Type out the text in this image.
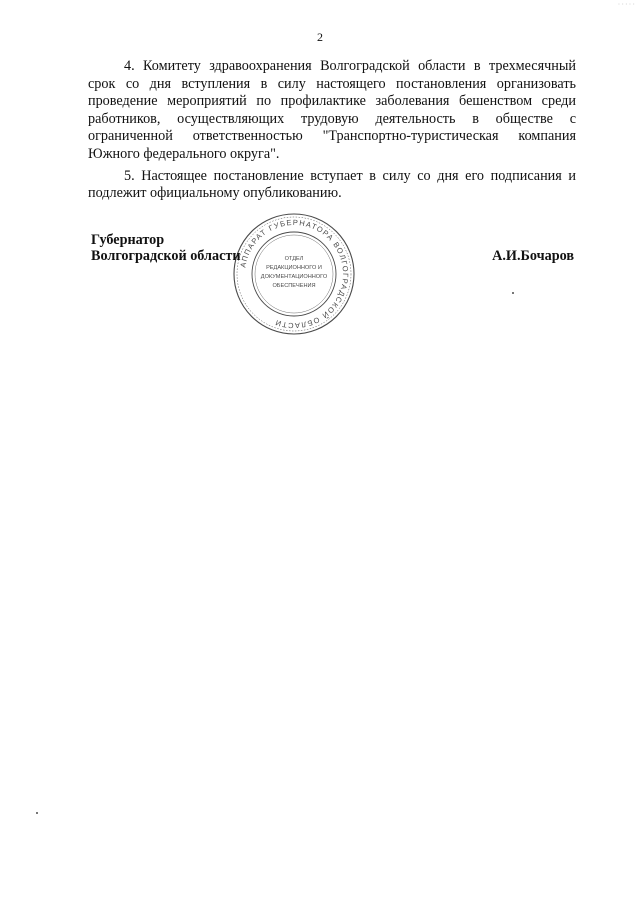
·····
2

4. Комитету здравоохранения Волгоградской области в трехмесячный срок со дня вступления в силу настоящего постановления организовать проведение мероприятий по профилактике заболевания бешенством среди работников, осуществляющих трудовую деятельность в обществе с ограниченной ответственностью "Транспортно-туристическая компания Южного федерального округа".

5. Настоящее постановление вступает в силу со дня его подписания и подлежит официальному опубликованию.

АППАРАТ ГУБЕРНАТОРА ВОЛГОГРАДСКОЙ ОБЛАСТИ
ОТДЕЛ
РЕДАКЦИОННОГО И
ДОКУМЕНТАЦИОННОГО
ОБЕСПЕЧЕНИЯ
Губернатор
Волгоградской области	А.И.Бочаров
